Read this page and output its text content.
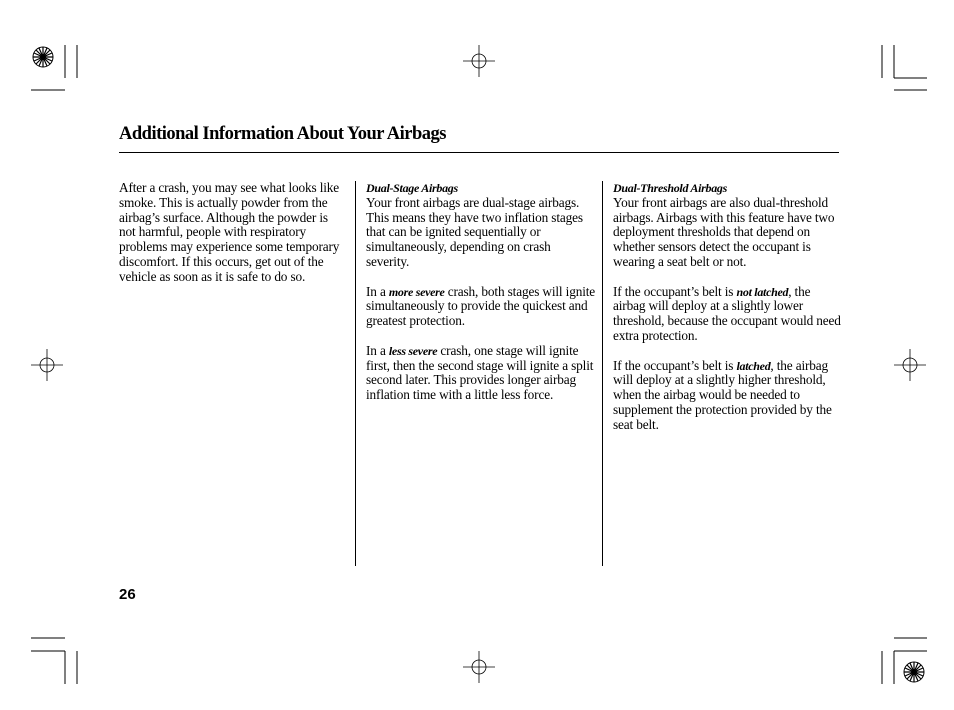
Additional Information About Your Airbags

After a crash, you may see what looks like smoke. This is actually powder from the airbag’s surface. Although the powder is not harmful, people with respiratory problems may experience some temporary discomfort. If this occurs, get out of the vehicle as soon as it is safe to do so.

Dual-Stage Airbags

Your front airbags are dual-stage airbags. This means they have two inflation stages that can be ignited sequentially or simultaneously, depending on crash severity.

In a more severe crash, both stages will ignite simultaneously to provide the quickest and greatest protection.

In a less severe crash, one stage will ignite first, then the second stage will ignite a split second later. This provides longer airbag inflation time with a little less force.

Dual-Threshold Airbags

Your front airbags are also dual-threshold airbags. Airbags with this feature have two deployment thresholds that depend on whether sensors detect the occupant is wearing a seat belt or not.

If the occupant’s belt is not latched, the airbag will deploy at a slightly lower threshold, because the occupant would need extra protection.

If the occupant’s belt is latched, the airbag will deploy at a slightly higher threshold, when the airbag would be needed to supplement the protection provided by the seat belt.

26
